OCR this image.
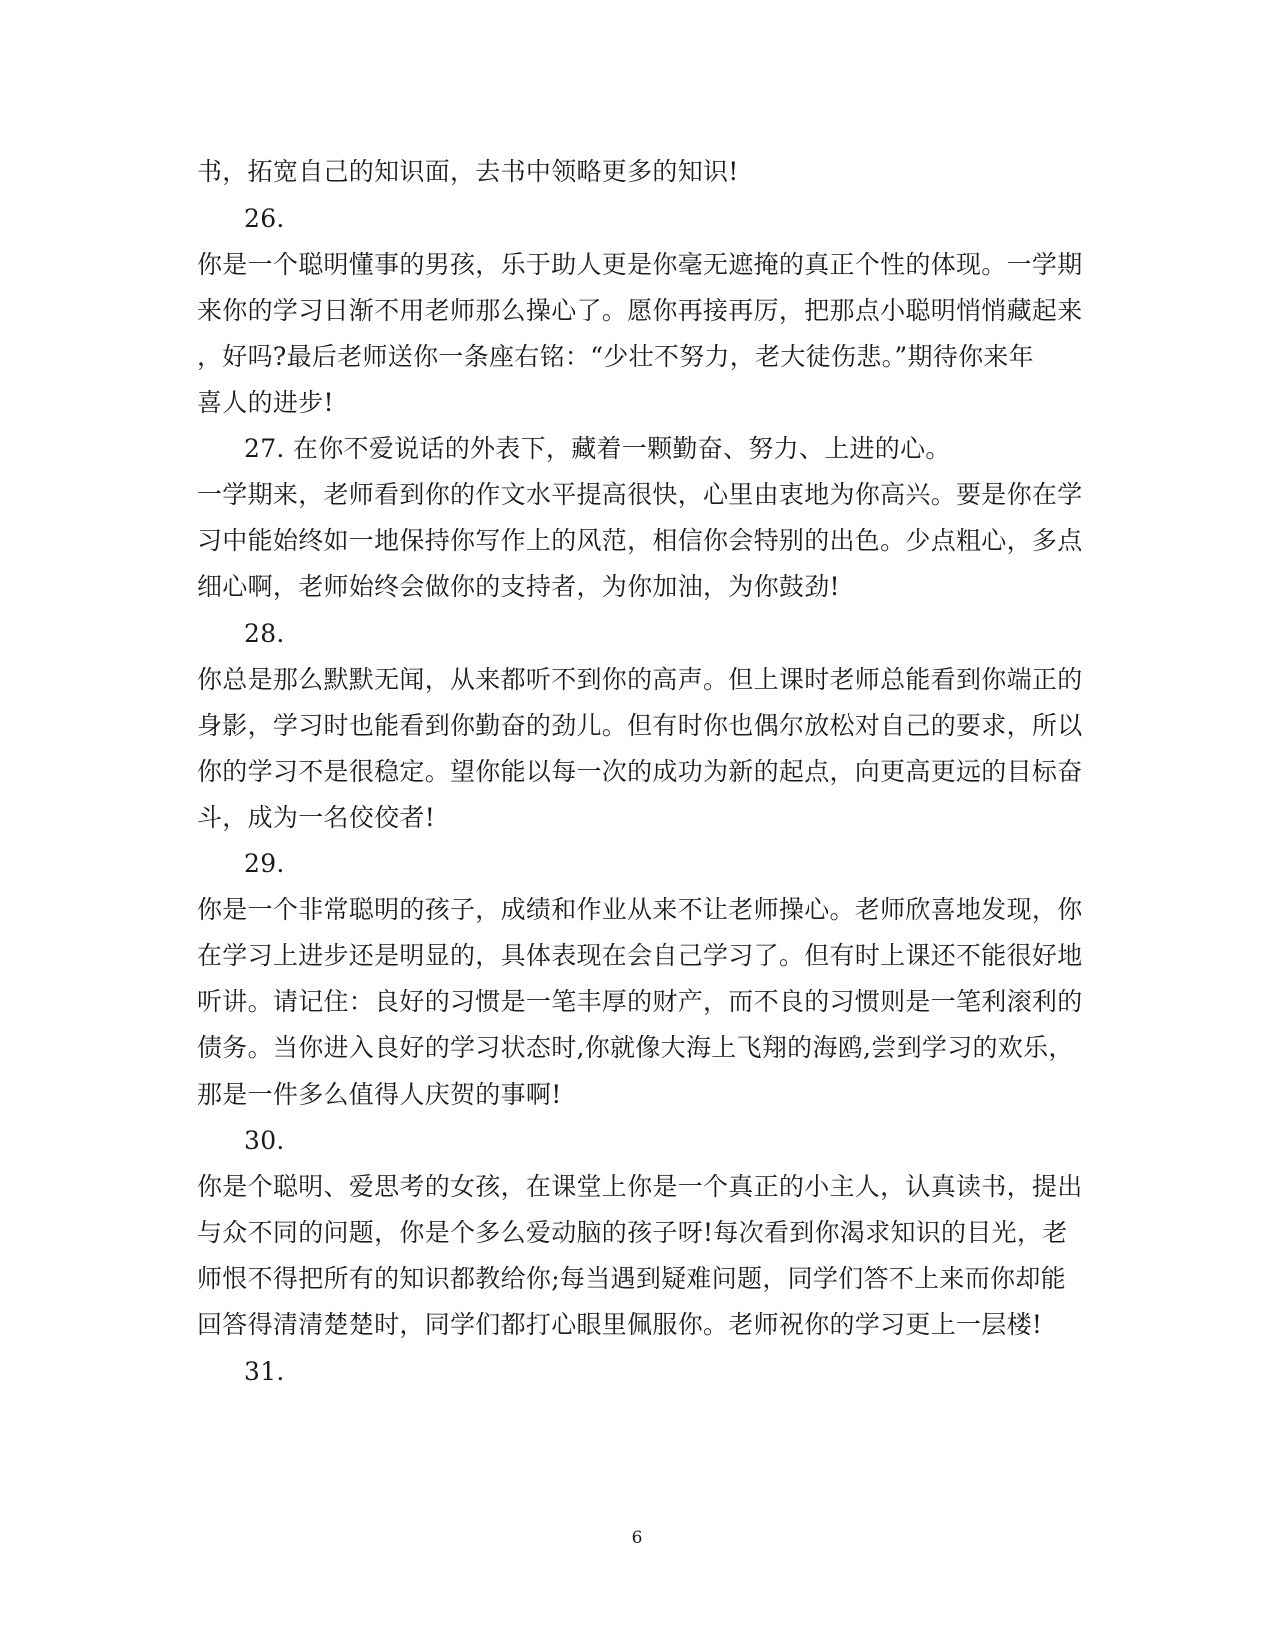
书，拓宽自己的知识面，去书中领略更多的知识!
26.
你是一个聪明懂事的男孩，乐于助人更是你毫无遮掩的真正个性的体现。一学期
来你的学习日渐不用老师那么操心了。愿你再接再厉，把那点小聪明悄悄藏起来
，好吗?最后老师送你一条座右铭：“少壮不努力，老大徒伤悲。”期待你来年
喜人的进步!
27. 在你不爱说话的外表下，藏着一颗勤奋、努力、上进的心。
一学期来，老师看到你的作文水平提高很快，心里由衷地为你高兴。要是你在学
习中能始终如一地保持你写作上的风范，相信你会特别的出色。少点粗心，多点
细心啊，老师始终会做你的支持者，为你加油，为你鼓劲!
28.
你总是那么默默无闻，从来都听不到你的高声。但上课时老师总能看到你端正的
身影，学习时也能看到你勤奋的劲儿。但有时你也偶尔放松对自己的要求，所以
你的学习不是很稳定。望你能以每一次的成功为新的起点，向更高更远的目标奋
斗，成为一名佼佼者!
29.
你是一个非常聪明的孩子，成绩和作业从来不让老师操心。老师欣喜地发现，你
在学习上进步还是明显的，具体表现在会自己学习了。但有时上课还不能很好地
听讲。请记住：良好的习惯是一笔丰厚的财产，而不良的习惯则是一笔利滚利的
债务。当你进入良好的学习状态时,你就像大海上飞翔的海鸥,尝到学习的欢乐，
那是一件多么值得人庆贺的事啊!
30.
你是个聪明、爱思考的女孩，在课堂上你是一个真正的小主人，认真读书，提出
与众不同的问题，你是个多么爱动脑的孩子呀!每次看到你渴求知识的目光，老
师恨不得把所有的知识都教给你;每当遇到疑难问题，同学们答不上来而你却能
回答得清清楚楚时，同学们都打心眼里佩服你。老师祝你的学习更上一层楼!
31.
6
